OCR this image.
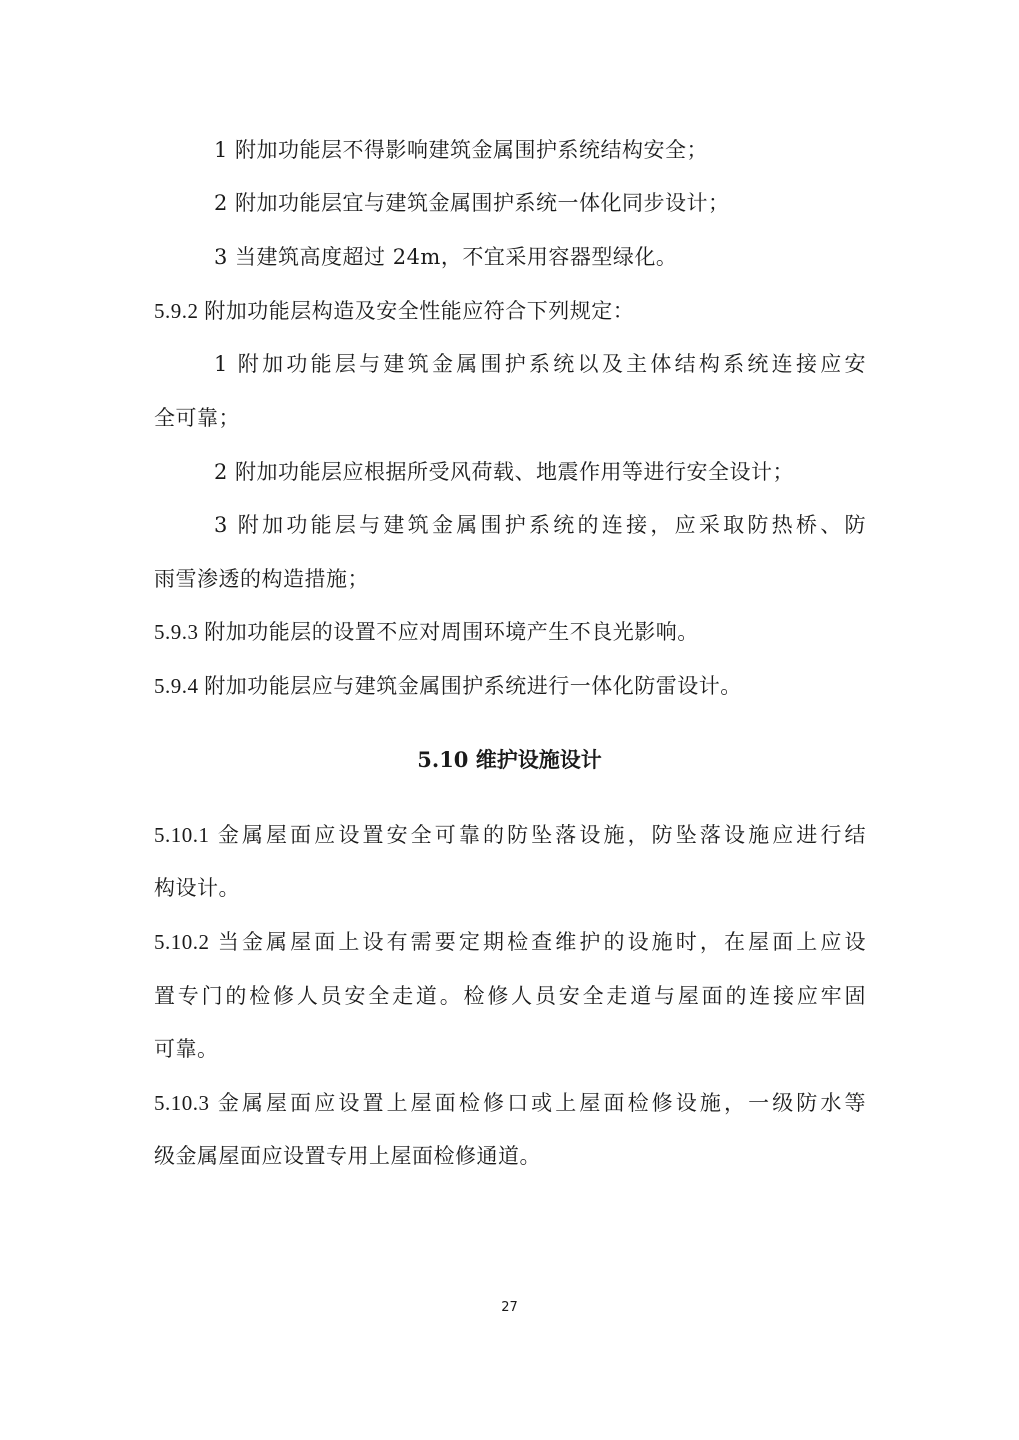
1 附加功能层不得影响建筑金属围护系统结构安全；
2 附加功能层宜与建筑金属围护系统一体化同步设计；
3 当建筑高度超过 24m，不宜采用容器型绿化。
5.9.2 附加功能层构造及安全性能应符合下列规定：
1 附加功能层与建筑金属围护系统以及主体结构系统连接应安
全可靠；
2 附加功能层应根据所受风荷载、地震作用等进行安全设计；
3 附加功能层与建筑金属围护系统的连接，应采取防热桥、防
雨雪渗透的构造措施；
5.9.3 附加功能层的设置不应对周围环境产生不良光影响。
5.9.4 附加功能层应与建筑金属围护系统进行一体化防雷设计。
5.10 维护设施设计
5.10.1 金属屋面应设置安全可靠的防坠落设施，防坠落设施应进行结
构设计。
5.10.2 当金属屋面上设有需要定期检查维护的设施时，在屋面上应设
置专门的检修人员安全走道。检修人员安全走道与屋面的连接应牢固
可靠。
5.10.3 金属屋面应设置上屋面检修口或上屋面检修设施，一级防水等
级金属屋面应设置专用上屋面检修通道。
27
